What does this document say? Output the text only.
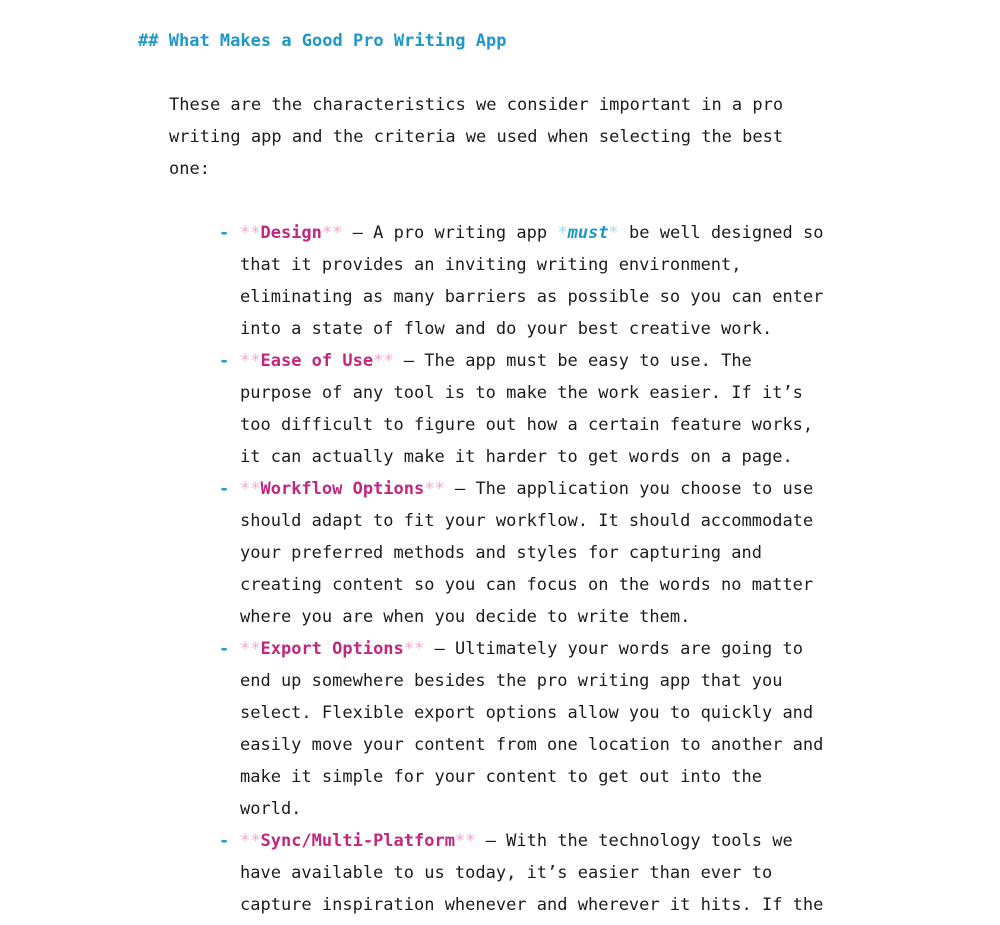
## What Makes a Good Pro Writing App
These are the characteristics we consider important in a pro
writing app and the criteria we used when selecting the best
one:
- **Design** – A pro writing app *must* be well designed so
that it provides an inviting writing environment,
eliminating as many barriers as possible so you can enter
into a state of flow and do your best creative work.
- **Ease of Use** – The app must be easy to use. The
purpose of any tool is to make the work easier. If it’s
too difficult to figure out how a certain feature works,
it can actually make it harder to get words on a page.
- **Workflow Options** – The application you choose to use
should adapt to fit your workflow. It should accommodate
your preferred methods and styles for capturing and
creating content so you can focus on the words no matter
where you are when you decide to write them.
- **Export Options** – Ultimately your words are going to
end up somewhere besides the pro writing app that you
select. Flexible export options allow you to quickly and
easily move your content from one location to another and
make it simple for your content to get out into the
world.
- **Sync/Multi-Platform** – With the technology tools we
have available to us today, it’s easier than ever to
capture inspiration whenever and wherever it hits. If the
